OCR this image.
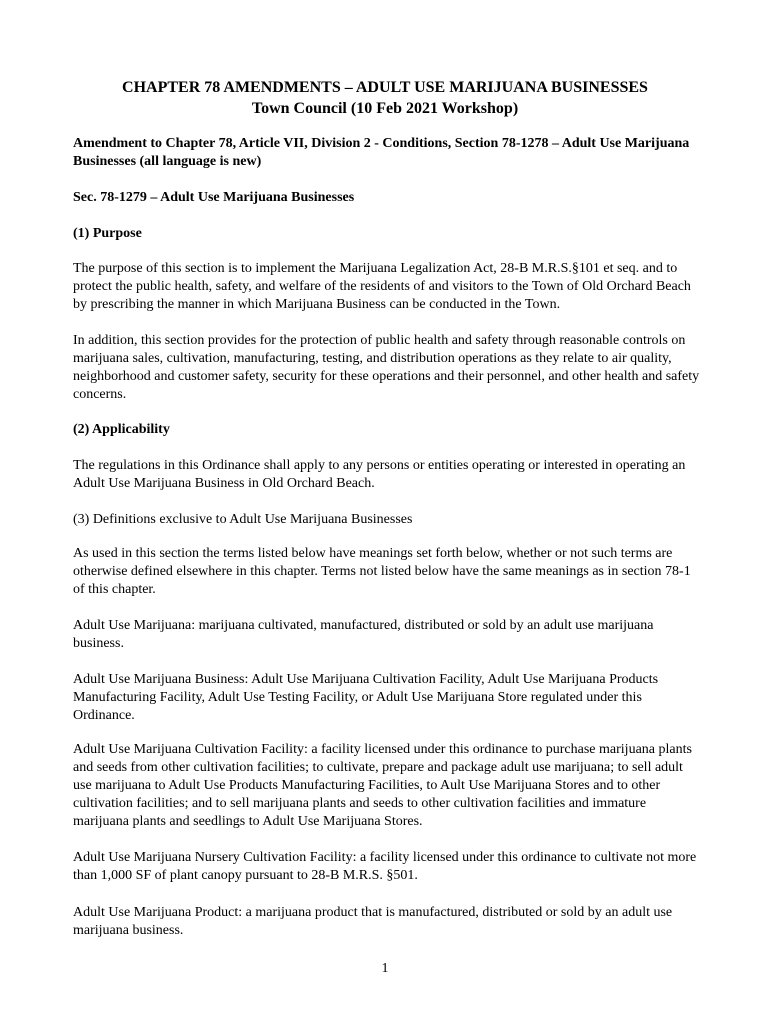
CHAPTER 78 AMENDMENTS – ADULT USE MARIJUANA BUSINESSES

Town Council (10 Feb 2021 Workshop)

Amendment to Chapter 78, Article VII, Division 2 - Conditions, Section 78-1278 – Adult Use Marijuana Businesses (all language is new)

Sec. 78-1279 – Adult Use Marijuana Businesses

(1) Purpose

The purpose of this section is to implement the Marijuana Legalization Act, 28-B M.R.S.§101 et seq. and to protect the public health, safety, and welfare of the residents of and visitors to the Town of Old Orchard Beach by prescribing the manner in which Marijuana Business can be conducted in the Town.

In addition, this section provides for the protection of public health and safety through reasonable controls on marijuana sales, cultivation, manufacturing, testing, and distribution operations as they relate to air quality, neighborhood and customer safety, security for these operations and their personnel, and other health and safety concerns.

(2) Applicability

The regulations in this Ordinance shall apply to any persons or entities operating or interested in operating an Adult Use Marijuana Business in Old Orchard Beach.

(3) Definitions exclusive to Adult Use Marijuana Businesses

As used in this section the terms listed below have meanings set forth below, whether or not such terms are otherwise defined elsewhere in this chapter. Terms not listed below have the same meanings as in section 78-1 of this chapter.

Adult Use Marijuana: marijuana cultivated, manufactured, distributed or sold by an adult use marijuana business.

Adult Use Marijuana Business: Adult Use Marijuana Cultivation Facility, Adult Use Marijuana Products Manufacturing Facility, Adult Use Testing Facility, or Adult Use Marijuana Store regulated under this Ordinance.

Adult Use Marijuana Cultivation Facility: a facility licensed under this ordinance to purchase marijuana plants and seeds from other cultivation facilities; to cultivate, prepare and package adult use marijuana; to sell adult use marijuana to Adult Use Products Manufacturing Facilities, to Ault Use Marijuana Stores and to other cultivation facilities; and to sell marijuana plants and seeds to other cultivation facilities and immature marijuana plants and seedlings to Adult Use Marijuana Stores.

Adult Use Marijuana Nursery Cultivation Facility: a facility licensed under this ordinance to cultivate not more than 1,000 SF of plant canopy pursuant to 28-B M.R.S. §501.

Adult Use Marijuana Product: a marijuana product that is manufactured, distributed or sold by an adult use marijuana business.

1
